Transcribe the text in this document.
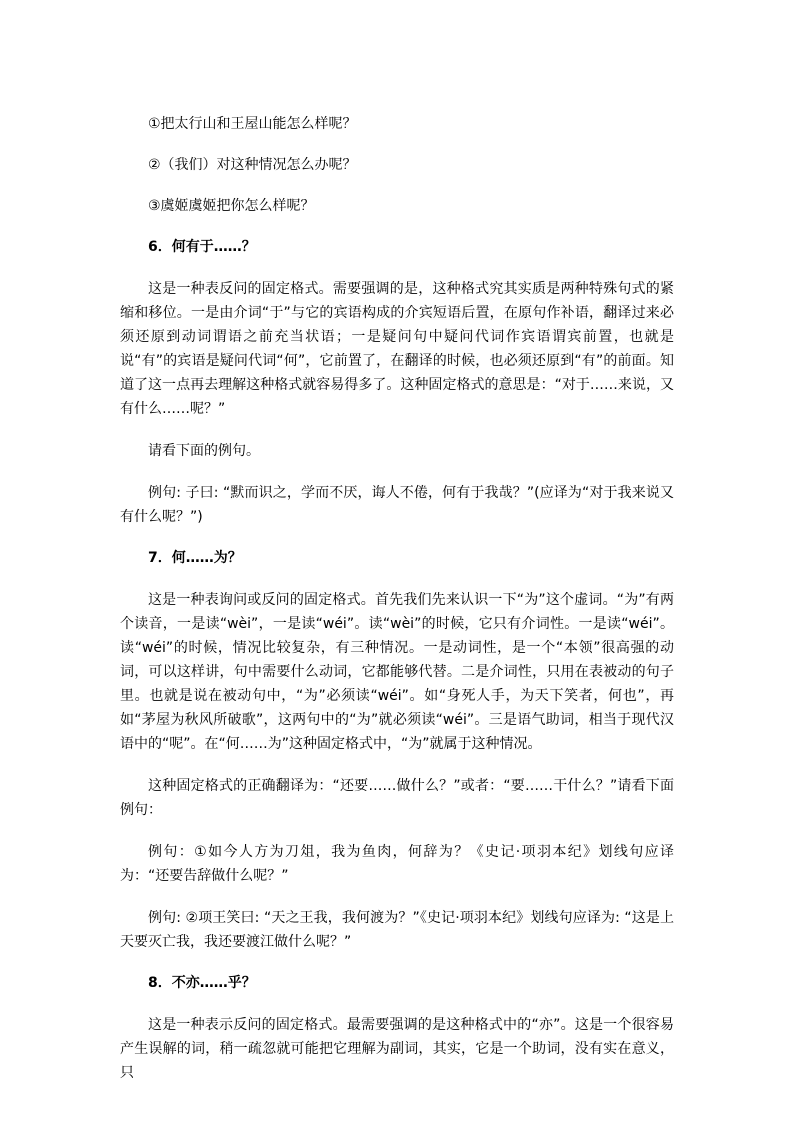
①把太行山和王屋山能怎么样呢？

②（我们）对这种情况怎么办呢？

③虞姬虞姬把你怎么样呢？

6．何有于……？

这是一种表反问的固定格式。需要强调的是，这种格式究其实质是两种特殊句式的紧缩和移位。一是由介词“于”与它的宾语构成的介宾短语后置，在原句作补语，翻译过来必须还原到动词谓语之前充当状语；一是疑问句中疑问代词作宾语谓宾前置，也就是说“有”的宾语是疑问代词“何”，它前置了，在翻译的时候，也必须还原到“有”的前面。知道了这一点再去理解这种格式就容易得多了。这种固定格式的意思是：“对于……来说，又有什么……呢？”

请看下面的例句。

例句: 子曰: “默而识之，学而不厌，诲人不倦，何有于我哉？”(应译为“对于我来说又有什么呢？”)

7．何……为？

这是一种表询问或反问的固定格式。首先我们先来认识一下“为”这个虚词。“为”有两个读音，一是读“wèi”，一是读“wéi”。读“wèi”的时候，它只有介词性。一是读“wéi”。读“wéi”的时候，情况比较复杂，有三种情况。一是动词性，是一个“本领”很高强的动词，可以这样讲，句中需要什么动词，它都能够代替。二是介词性，只用在表被动的句子里。也就是说在被动句中，“为”必须读“wéi”。如“身死人手，为天下笑者，何也”，再如“茅屋为秋风所破歌”，这两句中的“为”就必须读“wéi”。三是语气助词，相当于现代汉语中的“呢”。在“何……为”这种固定格式中，“为”就属于这种情况。

这种固定格式的正确翻译为：“还要……做什么？”或者：“要……干什么？”请看下面例句：

例句：①如今人方为刀俎，我为鱼肉，何辞为？《史记·项羽本纪》划线句应译为：“还要告辞做什么呢？”

例句: ②项王笑曰: “天之王我，我何渡为？”《史记·项羽本纪》划线句应译为: “这是上天要灭亡我，我还要渡江做什么呢？”

8．不亦……乎？

这是一种表示反问的固定格式。最需要强调的是这种格式中的“亦”。这是一个很容易产生误解的词，稍一疏忽就可能把它理解为副词，其实，它是一个助词，没有实在意义，只
